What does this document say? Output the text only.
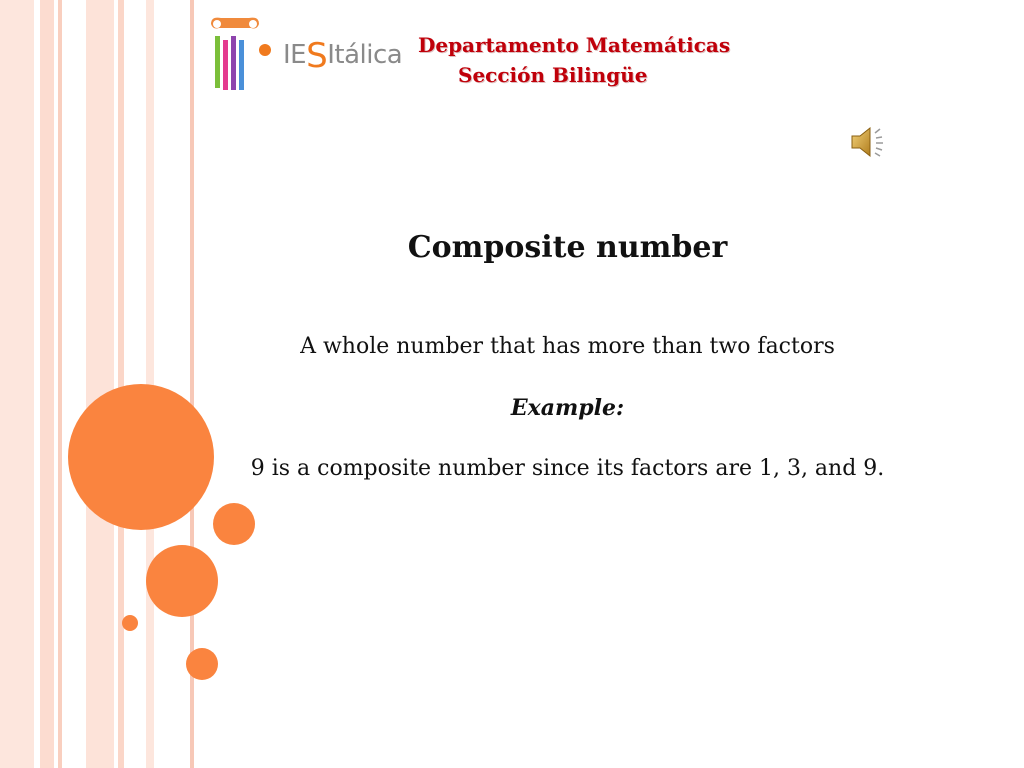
IESItálica Departamento Matemáticas
Sección Bilingüe
Composite number
A whole number that has more than two factors
Example:
9 is a composite number since its factors are 1, 3, and 9.
